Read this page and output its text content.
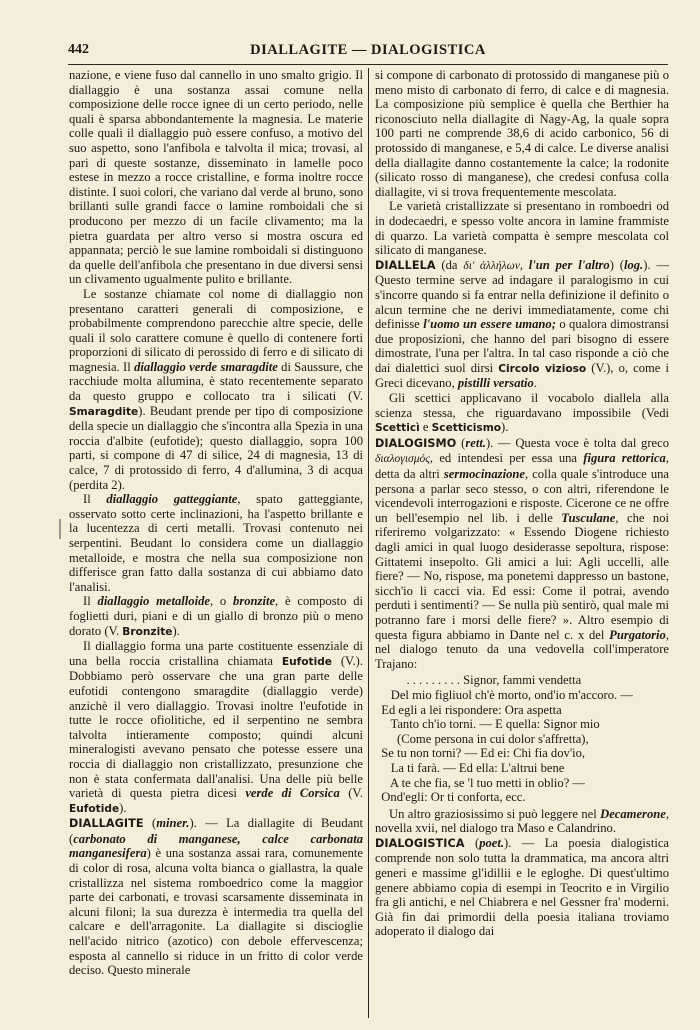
442	DIALLAGITE — DIALOGISTICA

nazione, e viene fuso dal cannello in uno smalto grigio. Il diallaggio è una sostanza assai comune nella composizione delle rocce ignee di un certo periodo, nelle quali è sparsa abbondantemente la magnesia. Le materie colle quali il diallaggio può essere confuso, a motivo del suo aspetto, sono l'anfibola e talvolta il mica; trovasi, al pari di queste sostanze, disseminato in lamelle poco estese in mezzo a rocce cristalline, e forma inoltre rocce distinte. I suoi colori, che variano dal verde al bruno, sono brillanti sulle grandi facce o lamine romboidali che si producono per mezzo di un facile clivamento; ma la pietra guardata per altro verso si mostra oscura ed appannata; perciò le sue lamine romboidali si distinguono da quelle dell'anfibola che presentano in due diversi sensi un clivamento ugualmente pulito e brillante.

Le sostanze chiamate col nome di diallaggio non presentano caratteri generali di composizione, e probabilmente comprendono parecchie altre specie, delle quali il solo carattere comune è quello di contenere forti proporzioni di silicato di perossido di ferro e di silicato di magnesia. Il diallaggio verde smaragdite di Saussure, che racchiude molta allumina, è stato recentemente separato da questo gruppo e collocato tra i silicati (V. Smaragdite). Beudant prende per tipo di composizione della specie un diallaggio che s'incontra alla Spezia in una roccia d'albite (eufotide); questo diallaggio, sopra 100 parti, si compone di 47 di silice, 24 di magnesia, 13 di calce, 7 di protossido di ferro, 4 d'allumina, 3 di acqua (perdita 2).

Il diallaggio gatteggiante, spato gatteggiante, osservato sotto certe inclinazioni, ha l'aspetto brillante e la lucentezza di certi metalli. Trovasi contenuto nei serpentini. Beudant lo considera come un diallaggio metalloide, e mostra che nella sua composizione non differisce gran fatto dalla sostanza di cui abbiamo dato l'analisi.

Il diallaggio metalloide, o bronzite, è composto di foglietti duri, piani e di un giallo di bronzo più o meno dorato (V. Bronzite).

Il diallaggio forma una parte costituente essenziale di una bella roccia cristallina chiamata Eufotide (V.). Dobbiamo però osservare che una gran parte delle eufotidi contengono smaragdite (diallaggio verde) anzichè il vero diallaggio. Trovasi inoltre l'eufotide in tutte le rocce ofiolitiche, ed il serpentino ne sembra talvolta intieramente composto; quindi alcuni mineralogisti avevano pensato che potesse essere una roccia di diallaggio non cristallizzato, presunzione che non è stata confermata dall'analisi. Una delle più belle varietà di questa pietra dicesi verde di Corsica (V. Eufotide).

DIALLAGITE (miner.). — La diallagite di Beudant (carbonato di manganese, calce carbonata manganesifera) è una sostanza assai rara, comunemente di color di rosa, alcuna volta bianca o giallastra, la quale cristallizza nel sistema romboedrico come la maggior parte dei carbonati, e trovasi scarsamente disseminata in alcuni filoni; la sua durezza è intermedia tra quella del calcare e dell'arragonite. La diallagite si discioglie nell'acido nitrico (azotico) con debole effervescenza; esposta al cannello si riduce in un fritto di color verde deciso. Questo minerale

si compone di carbonato di protossido di manganese più o meno misto di carbonato di ferro, di calce e di magnesia. La composizione più semplice è quella che Berthier ha riconosciuto nella diallagite di Nagy-Ag, la quale sopra 100 parti ne comprende 38,6 di acido carbonico, 56 di protossido di manganese, e 5,4 di calce. Le diverse analisi della diallagite danno costantemente la calce; la rodonite (silicato rosso di manganese), che credesi confusa colla diallagite, vi si trova frequentemente mescolata.

Le varietà cristallizzate si presentano in romboedri od in dodecaedri, e spesso volte ancora in lamine frammiste di quarzo. La varietà compatta è sempre mescolata col silicato di manganese.

DIALLELA (da δι' ἀλλήλων, l'un per l'altro) (log.). — Questo termine serve ad indagare il paralogismo in cui s'incorre quando si fa entrar nella definizione il definito o alcun termine che ne derivi immediatamente, come chi definisse l'uomo un essere umano; o qualora dimostransi due proposizioni, che hanno del pari bisogno di essere dimostrate, l'una per l'altra. In tal caso risponde a ciò che dai dialettici suol dirsi Circolo vizioso (V.), o, come i Greci dicevano, pistilli versatio.

Gli scettici applicavano il vocabolo diallela alla scienza stessa, che riguardavano impossibile (Vedi Scetticì e Scetticismo).

DIALOGISMO (rett.). — Questa voce è tolta dal greco διαλογισμός, ed intendesi per essa una figura rettorica, detta da altri sermocinazione, colla quale s'introduce una persona a parlar seco stesso, o con altri, riferendone le vicendevoli interrogazioni e risposte. Cicerone ce ne offre un bell'esempio nel lib. i delle Tusculane, che noi riferiremo volgarizzato: « Essendo Diogene richiesto dagli amici in qual luogo desiderasse sepoltura, rispose: Gittatemi insepolto. Gli amici a lui: Agli uccelli, alle fiere? — No, rispose, ma ponetemi dappresso un bastone, sicch'io li cacci via. Ed essi: Come il potrai, avendo perduti i sentimenti? — Se nulla più sentirò, qual male mi potranno fare i morsi delle fiere? ». Altro esempio di questa figura abbiamo in Dante nel c. x del Purgatorio, nel dialogo tenuto da una vedovella coll'imperatore Trajano:

. . . . . . . . . Signor, fammi vendetta
Del mio figliuol ch'è morto, ond'io m'accoro. —
Ed egli a lei rispondere: Ora aspetta
Tanto ch'io torni. — E quella: Signor mio
(Come persona in cui dolor s'affretta),
Se tu non torni? — Ed ei: Chi fia dov'io,
La ti farà. — Ed ella: L'altrui bene
A te che fia, se 'l tuo metti in oblio? —
Ond'egli: Or ti conforta, ecc.

Un altro graziosissimo si può leggere nel Decamerone, novella xvii, nel dialogo tra Maso e Calandrino.

DIALOGISTICA (poet.). — La poesia dialogistica comprende non solo tutta la drammatica, ma ancora altri generi e massime gl'idillii e le egloghe. Di quest'ultimo genere abbiamo copia di esempi in Teocrito e in Virgilio fra gli antichi, e nel Chiabrera e nel Gessner fra' moderni. Già fin dai primordii della poesia italiana troviamo adoperato il dialogo dai
